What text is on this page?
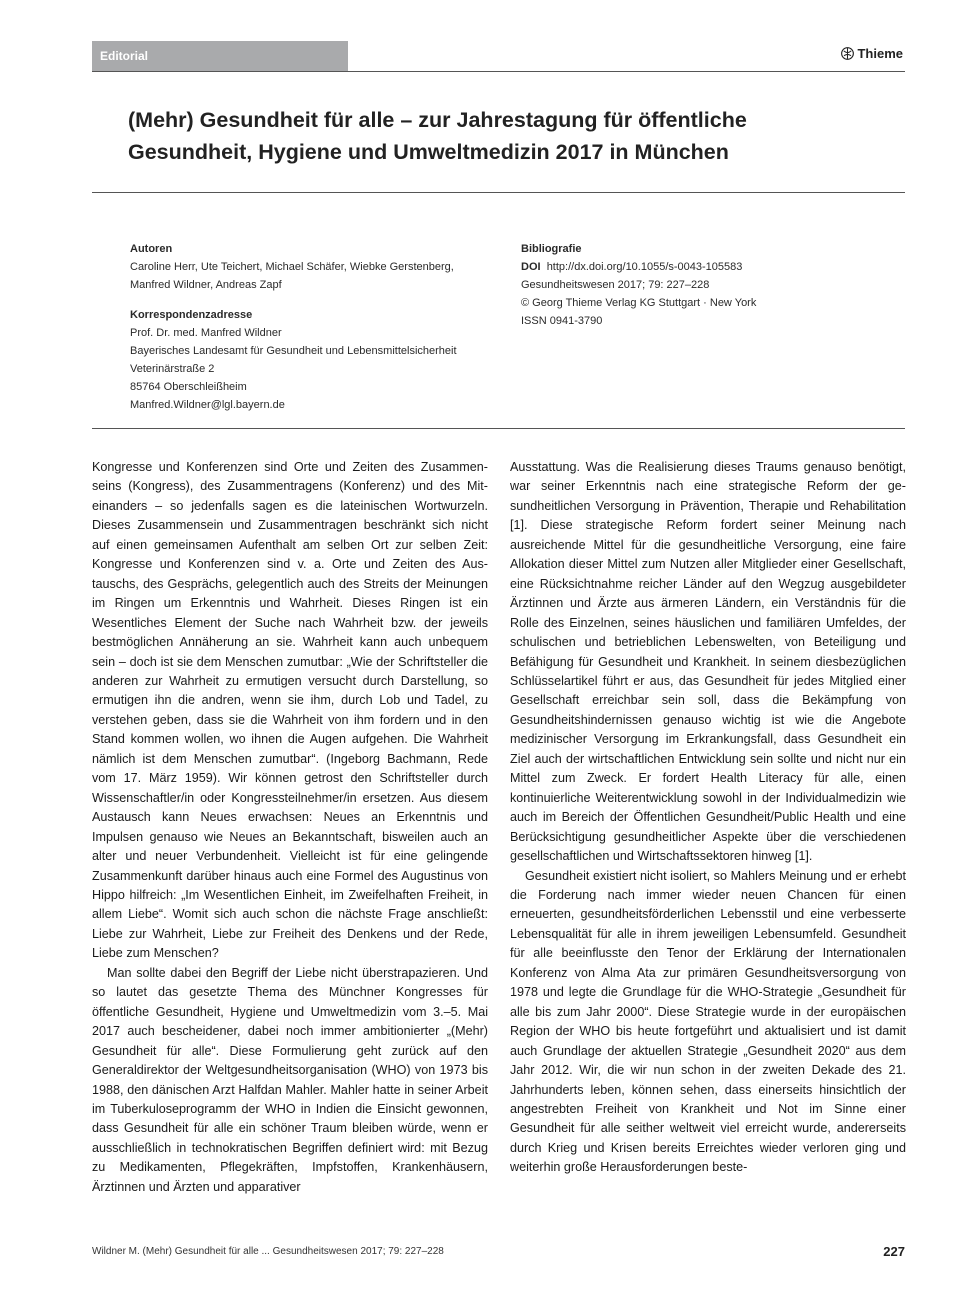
Editorial	Thieme
(Mehr) Gesundheit für alle – zur Jahrestagung für öffentliche
Gesundheit, Hygiene und Umweltmedizin 2017 in München
Autoren
Caroline Herr, Ute Teichert, Michael Schäfer, Wiebke Gerstenberg,
Manfred Wildner, Andreas Zapf
Korrespondenzadresse
Prof. Dr. med. Manfred Wildner
Bayerisches Landesamt für Gesundheit und Lebensmittelsicherheit
Veterinärstraße 2
85764 Oberschleißheim
Manfred.Wildner@lgl.bayern.de
Bibliografie
DOI http://dx.doi.org/10.1055/s-0043-105583
Gesundheitswesen 2017; 79: 227–228
© Georg Thieme Verlag KG Stuttgart · New York
ISSN 0941-3790

Kongresse und Konferenzen sind Orte und Zeiten des Zusammenseins (Kongress), des Zusammentragens (Konferenz) und des Miteinanders – so jedenfalls sagen es die lateinischen Wortwurzeln. Dieses Zusammensein und Zusammentragen beschränkt sich nicht auf einen gemeinsamen Aufenthalt am selben Ort zur selben Zeit: Kongresse und Konferenzen sind v. a. Orte und Zeiten des Austauschs, des Gesprächs, gelegentlich auch des Streits der Meinungen im Ringen um Erkenntnis und Wahrheit. Dieses Ringen ist ein Wesentliches Element der Suche nach Wahrheit bzw. der jeweils bestmöglichen Annäherung an sie. Wahrheit kann auch unbequem sein – doch ist sie dem Menschen zumutbar: „Wie der Schriftsteller die anderen zur Wahrheit zu ermutigen versucht durch Darstellung, so ermutigen ihn die andren, wenn sie ihm, durch Lob und Tadel, zu verstehen geben, dass sie die Wahrheit von ihm fordern und in den Stand kommen wollen, wo ihnen die Augen aufgehen. Die Wahrheit nämlich ist dem Menschen zumutbar“. (Ingeborg Bachmann, Rede vom 17. März 1959). Wir können getrost den Schriftsteller durch Wissenschaftler/in oder Kongressteilnehmer/in ersetzen. Aus diesem Austausch kann Neues erwachsen: Neues an Erkenntnis und Impulsen genauso wie Neues an Bekanntschaft, bisweilen auch an alter und neuer Verbundenheit. Vielleicht ist für eine gelingende Zusammenkunft darüber hinaus auch eine Formel des Augustinus von Hippo hilfreich: „Im Wesentlichen Einheit, im Zweifelhaften Freiheit, in allem Liebe“. Womit sich auch schon die nächste Frage anschließt: Liebe zur Wahrheit, Liebe zur Freiheit des Denkens und der Rede, Liebe zum Menschen?

Man sollte dabei den Begriff der Liebe nicht überstrapazieren. Und so lautet das gesetzte Thema des Münchner Kongresses für öffentliche Gesundheit, Hygiene und Umweltmedizin vom 3.–5. Mai 2017 auch bescheidener, dabei noch immer ambitionierter „(Mehr) Gesundheit für alle“. Diese Formulierung geht zurück auf den Generaldirektor der Weltgesundheitsorganisation (WHO) von 1973 bis 1988, den dänischen Arzt Halfdan Mahler. Mahler hatte in seiner Arbeit im Tuberkuloseprogramm der WHO in Indien die Einsicht gewonnen, dass Gesundheit für alle ein schöner Traum bleiben würde, wenn er ausschließlich in technokratischen Begriffen definiert wird: mit Bezug zu Medikamenten, Pflegekräften, Impfstoffen, Krankenhäusern, Ärztinnen und Ärzten und apparativer

Ausstattung. Was die Realisierung dieses Traums genauso benötigt, war seiner Erkenntnis nach eine strategische Reform der gesundheitlichen Versorgung in Prävention, Therapie und Rehabilitation [1]. Diese strategische Reform fordert seiner Meinung nach ausreichende Mittel für die gesundheitliche Versorgung, eine faire Allokation dieser Mittel zum Nutzen aller Mitglieder einer Gesellschaft, eine Rücksichtnahme reicher Länder auf den Wegzug ausgebildeter Ärztinnen und Ärzte aus ärmeren Ländern, ein Verständnis für die Rolle des Einzelnen, seines häuslichen und familiären Umfeldes, der schulischen und betrieblichen Lebenswelten, von Beteiligung und Befähigung für Gesundheit und Krankheit. In seinem diesbezüglichen Schlüsselartikel führt er aus, das Gesundheit für jedes Mitglied einer Gesellschaft erreichbar sein soll, dass die Bekämpfung von Gesundheitshindernissen genauso wichtig ist wie die Angebote medizinischer Versorgung im Erkrankungsfall, dass Gesundheit ein Ziel auch der wirtschaftlichen Entwicklung sein sollte und nicht nur ein Mittel zum Zweck. Er fordert Health Literacy für alle, einen kontinuierliche Weiterentwicklung sowohl in der Individualmedizin wie auch im Bereich der Öffentlichen Gesundheit/Public Health und eine Berücksichtigung gesundheitlicher Aspekte über die verschiedenen gesellschaftlichen und Wirtschaftssektoren hinweg [1].

Gesundheit existiert nicht isoliert, so Mahlers Meinung und er erhebt die Forderung nach immer wieder neuen Chancen für einen erneuerten, gesundheitsförderlichen Lebensstil und eine verbesserte Lebensqualität für alle in ihrem jeweiligen Lebensumfeld. Gesundheit für alle beeinflusste den Tenor der Erklärung der Internationalen Konferenz von Alma Ata zur primären Gesundheitsversorgung von 1978 und legte die Grundlage für die WHO-Strategie „Gesundheit für alle bis zum Jahr 2000“. Diese Strategie wurde in der europäischen Region der WHO bis heute fortgeführt und aktualisiert und ist damit auch Grundlage der aktuellen Strategie „Gesundheit 2020“ aus dem Jahr 2012. Wir, die wir nun schon in der zweiten Dekade des 21. Jahrhunderts leben, können sehen, dass einerseits hinsichtlich der angestrebten Freiheit von Krankheit und Not im Sinne einer Gesundheit für alle seither weltweit viel erreicht wurde, andererseits durch Krieg und Krisen bereits Erreichtes wieder verloren ging und weiterhin große Herausforderungen beste-

Wildner M. (Mehr) Gesundheit für alle ... Gesundheitswesen 2017; 79: 227–228	227
